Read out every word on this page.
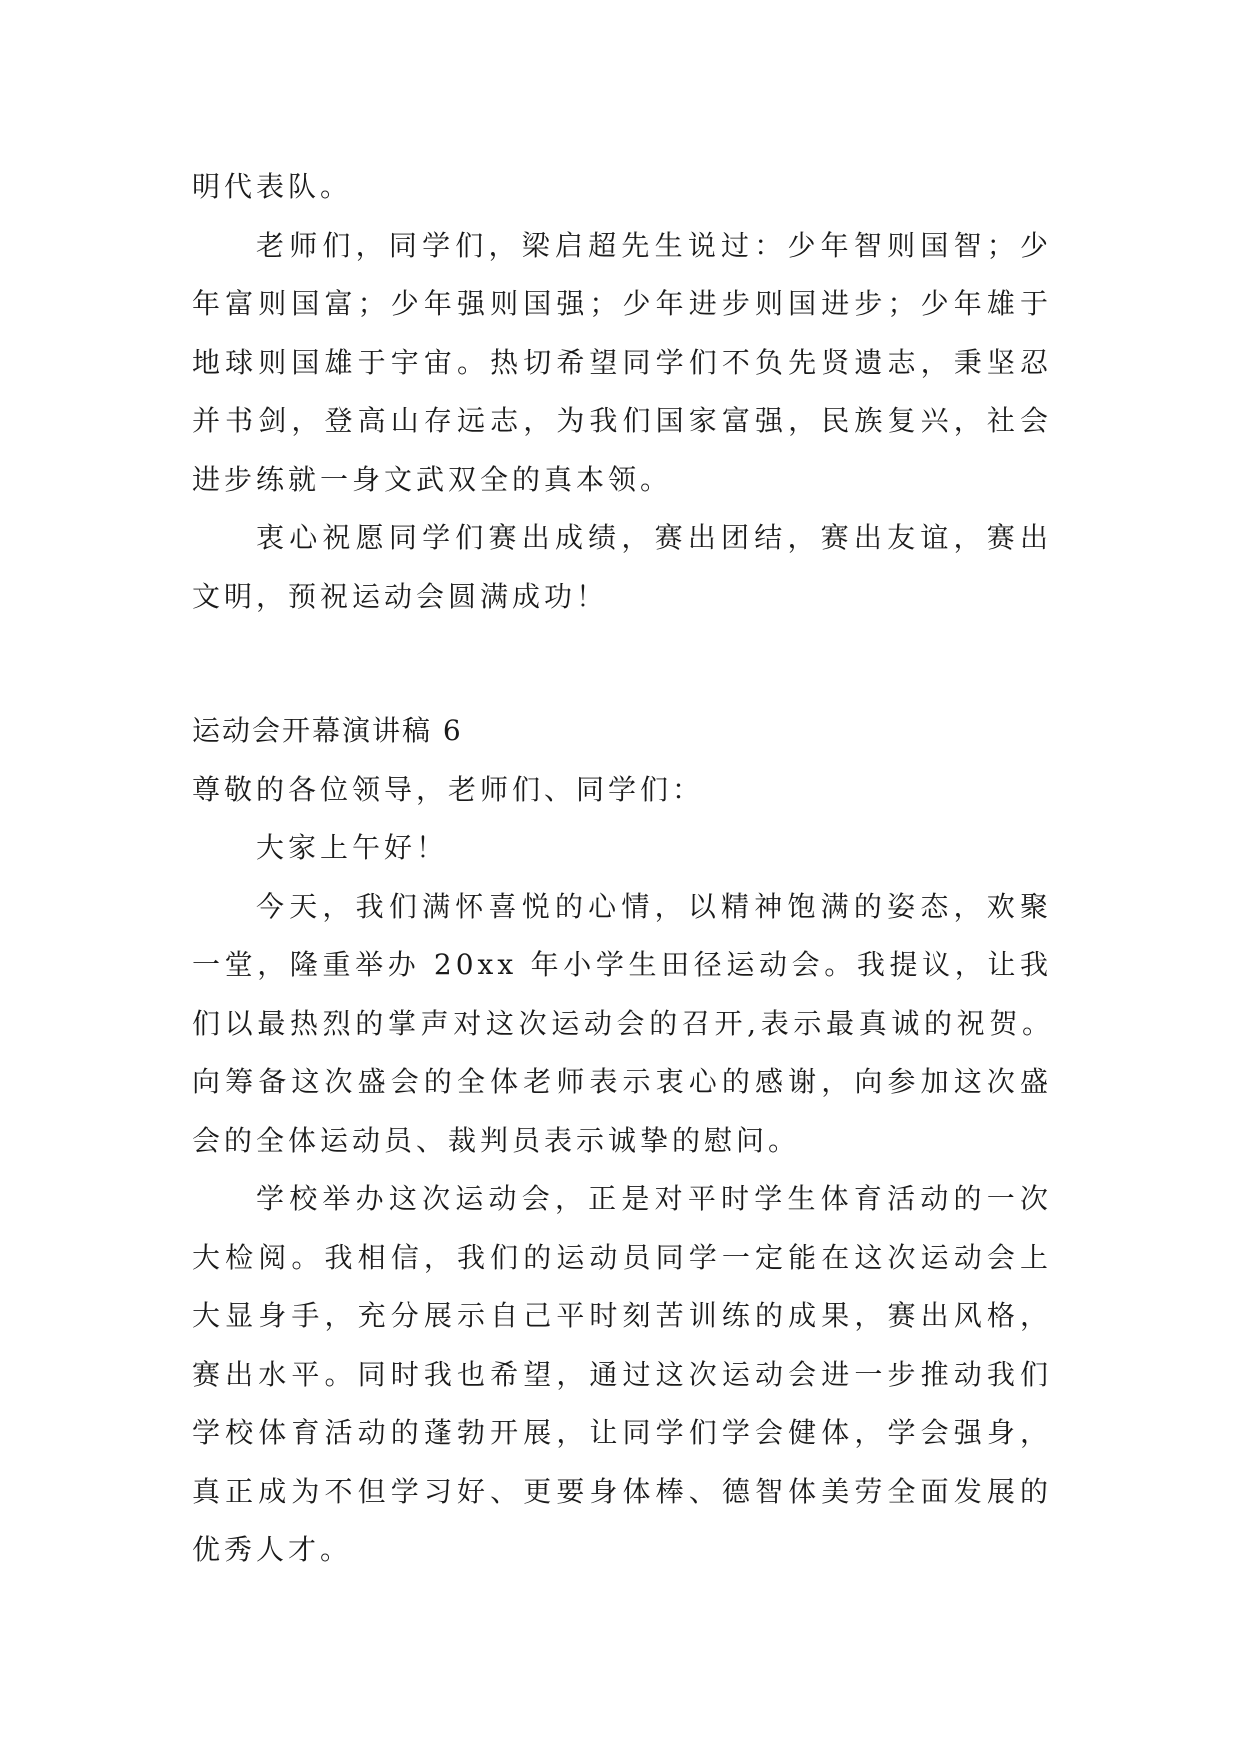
明代表队。
老师们，同学们，梁启超先生说过：少年智则国智；少
年富则国富；少年强则国强；少年进步则国进步；少年雄于
地球则国雄于宇宙。热切希望同学们不负先贤遗志，秉坚忍
并书剑，登高山存远志，为我们国家富强，民族复兴，社会
进步练就一身文武双全的真本领。
衷心祝愿同学们赛出成绩，赛出团结，赛出友谊，赛出
文明，预祝运动会圆满成功！
运动会开幕演讲稿 6
尊敬的各位领导，老师们、同学们：
大家上午好！
今天，我们满怀喜悦的心情，以精神饱满的姿态，欢聚
一堂，隆重举办 20xx 年小学生田径运动会。我提议，让我
们以最热烈的掌声对这次运动会的召开,表示最真诚的祝贺。
向筹备这次盛会的全体老师表示衷心的感谢，向参加这次盛
会的全体运动员、裁判员表示诚挚的慰问。
学校举办这次运动会，正是对平时学生体育活动的一次
大检阅。我相信，我们的运动员同学一定能在这次运动会上
大显身手，充分展示自己平时刻苦训练的成果，赛出风格，
赛出水平。同时我也希望，通过这次运动会进一步推动我们
学校体育活动的蓬勃开展，让同学们学会健体，学会强身，
真正成为不但学习好、更要身体棒、德智体美劳全面发展的
优秀人才。
